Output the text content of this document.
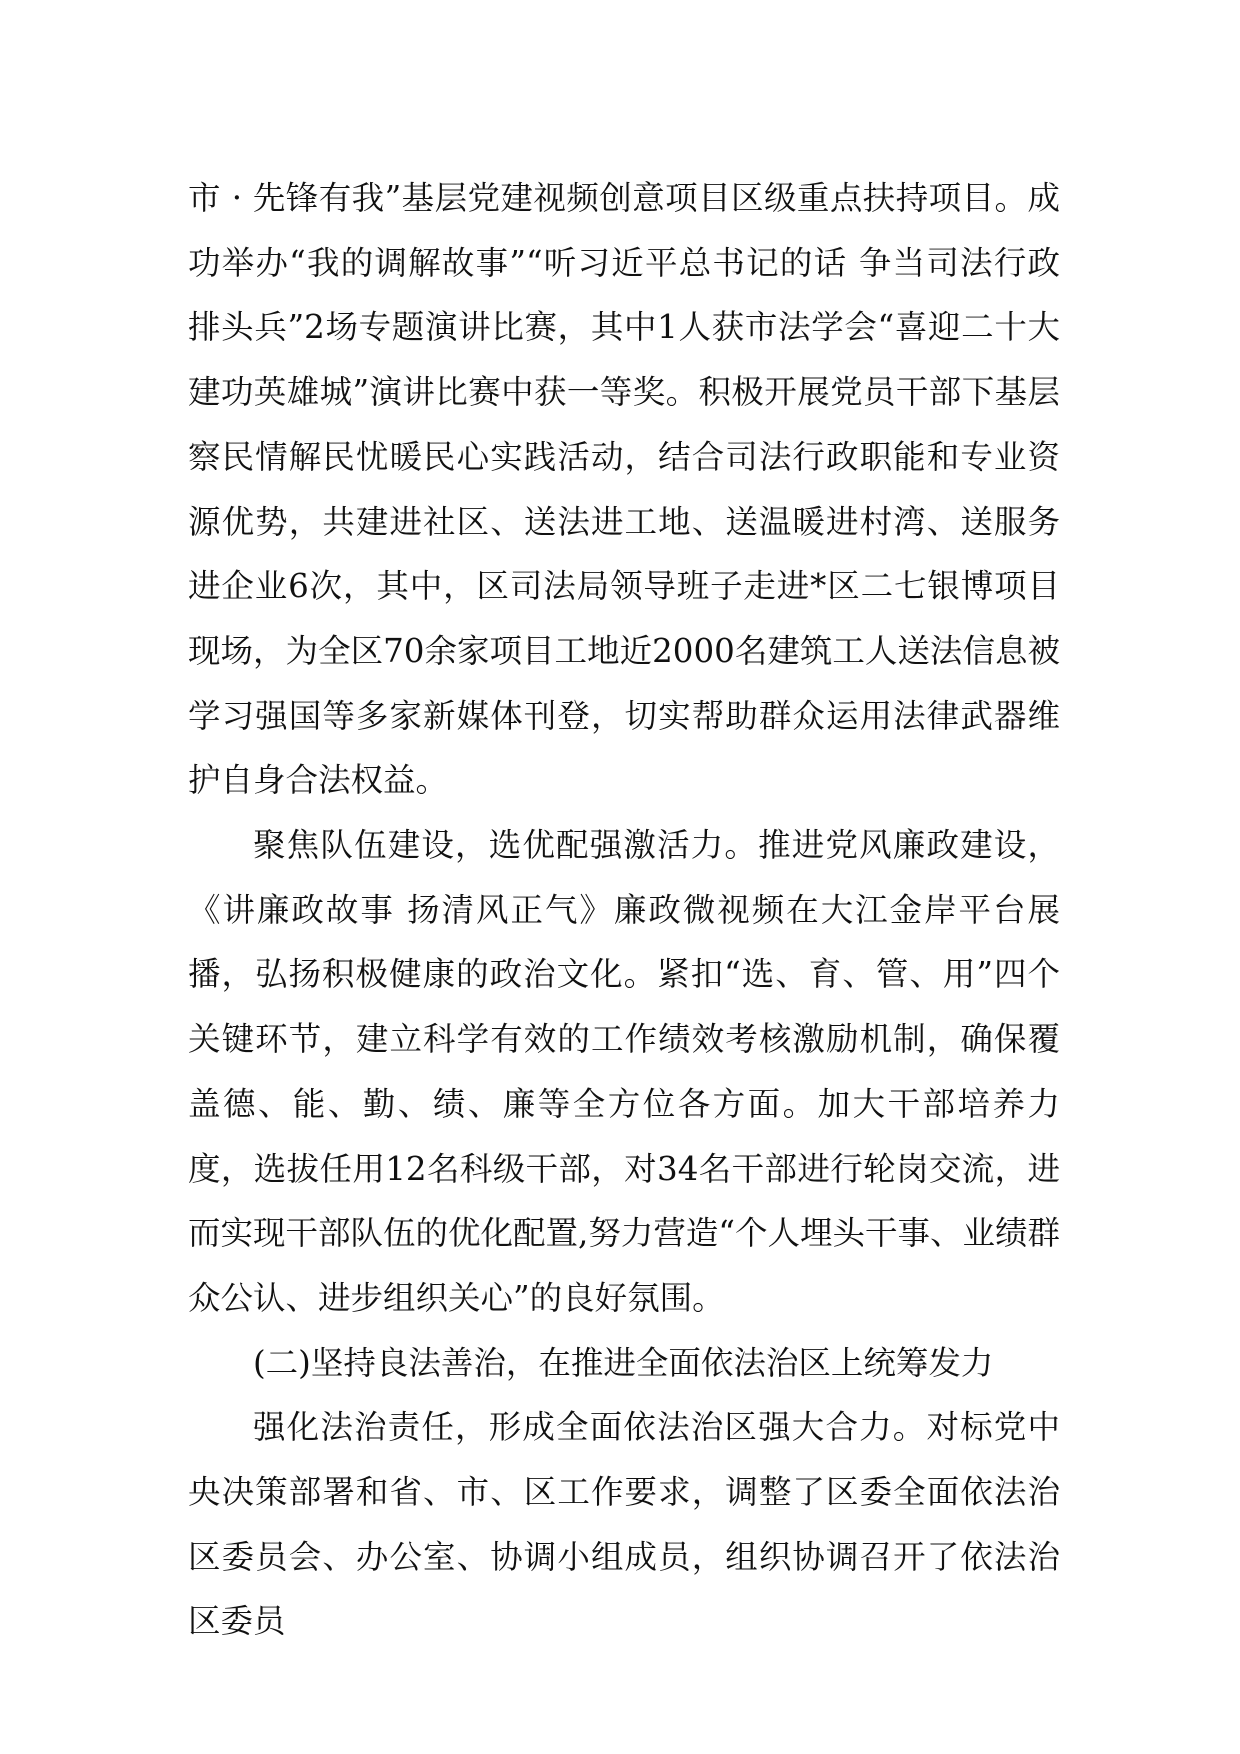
市 · 先锋有我”基层党建视频创意项目区级重点扶持项目。成功举办“我的调解故事”“听习近平总书记的话 争当司法行政排头兵”2场专题演讲比赛，其中1人获市法学会“喜迎二十大 建功英雄城”演讲比赛中获一等奖。积极开展党员干部下基层察民情解民忧暖民心实践活动，结合司法行政职能和专业资源优势，共建进社区、送法进工地、送温暖进村湾、送服务进企业6次，其中，区司法局领导班子走进*区二七银博项目现场，为全区70余家项目工地近2000名建筑工人送法信息被学习强国等多家新媒体刊登，切实帮助群众运用法律武器维护自身合法权益。

聚焦队伍建设，选优配强激活力。推进党风廉政建设，《讲廉政故事 扬清风正气》廉政微视频在大江金岸平台展播，弘扬积极健康的政治文化。紧扣“选、育、管、用”四个关键环节，建立科学有效的工作绩效考核激励机制，确保覆盖德、能、勤、绩、廉等全方位各方面。加大干部培养力度，选拔任用12名科级干部，对34名干部进行轮岗交流，进而实现干部队伍的优化配置,努力营造“个人埋头干事、业绩群众公认、进步组织关心”的良好氛围。

(二)坚持良法善治，在推进全面依法治区上统筹发力

强化法治责任，形成全面依法治区强大合力。对标党中央决策部署和省、市、区工作要求，调整了区委全面依法治区委员会、办公室、协调小组成员，组织协调召开了依法治区委员
